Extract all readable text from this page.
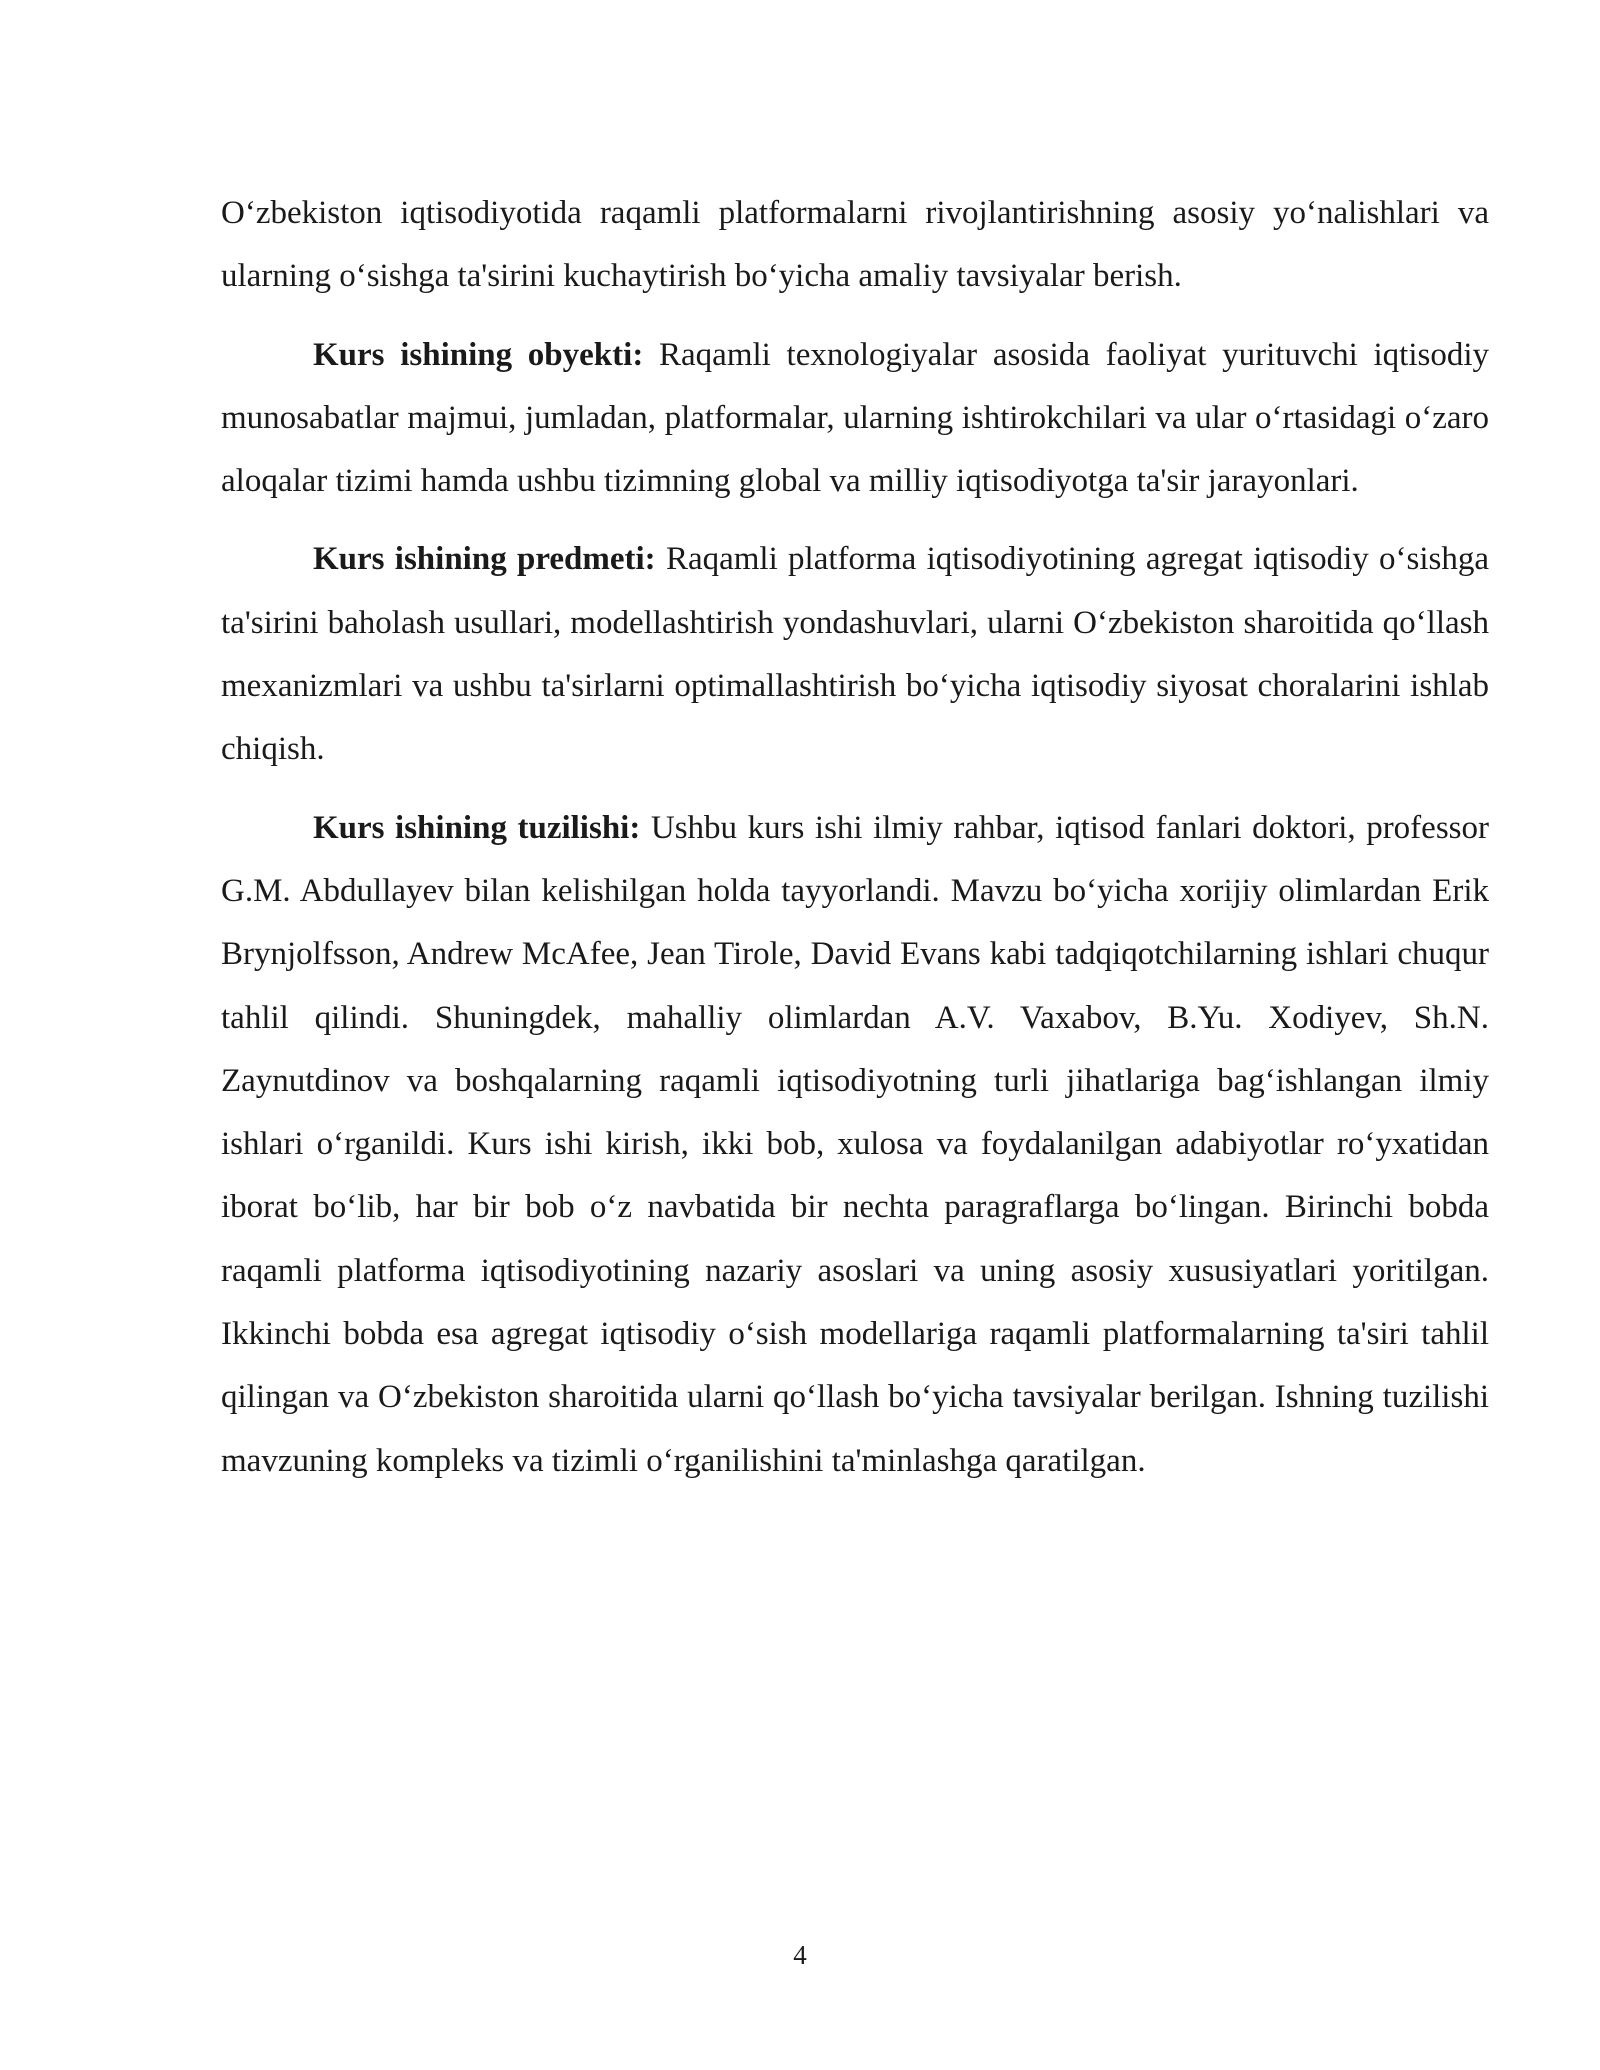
O‘zbekiston iqtisodiyotida raqamli platformalarni rivojlantirishning asosiy yo‘nalishlari va ularning o‘sishga ta'sirini kuchaytirish bo‘yicha amaliy tavsiyalar berish.

Kurs ishining obyekti: Raqamli texnologiyalar asosida faoliyat yurituvchi iqtisodiy munosabatlar majmui, jumladan, platformalar, ularning ishtirokchilari va ular o‘rtasidagi o‘zaro aloqalar tizimi hamda ushbu tizimning global va milliy iqtisodiyotga ta'sir jarayonlari.

Kurs ishining predmeti: Raqamli platforma iqtisodiyotining agregat iqtisodiy o‘sishga ta'sirini baholash usullari, modellashtirish yondashuvlari, ularni O‘zbekiston sharoitida qo‘llash mexanizmlari va ushbu ta'sirlarni optimallashtirish bo‘yicha iqtisodiy siyosat choralarini ishlab chiqish.

Kurs ishining tuzilishi: Ushbu kurs ishi ilmiy rahbar, iqtisod fanlari doktori, professor G.M. Abdullayev bilan kelishilgan holda tayyorlandi. Mavzu bo‘yicha xorijiy olimlardan Erik Brynjolfsson, Andrew McAfee, Jean Tirole, David Evans kabi tadqiqotchilarning ishlari chuqur tahlil qilindi. Shuningdek, mahalliy olimlardan A.V. Vaxabov, B.Yu. Xodiyev, Sh.N. Zaynutdinov va boshqalarning raqamli iqtisodiyotning turli jihatlariga bag‘ishlangan ilmiy ishlari o‘rganildi. Kurs ishi kirish, ikki bob, xulosa va foydalanilgan adabiyotlar ro‘yxatidan iborat bo‘lib, har bir bob o‘z navbatida bir nechta paragraflarga bo‘lingan. Birinchi bobda raqamli platforma iqtisodiyotining nazariy asoslari va uning asosiy xususiyatlari yoritilgan. Ikkinchi bobda esa agregat iqtisodiy o‘sish modellariga raqamli platformalarning ta'siri tahlil qilingan va O‘zbekiston sharoitida ularni qo‘llash bo‘yicha tavsiyalar berilgan. Ishning tuzilishi mavzuning kompleks va tizimli o‘rganilishini ta'minlashga qaratilgan.

4
